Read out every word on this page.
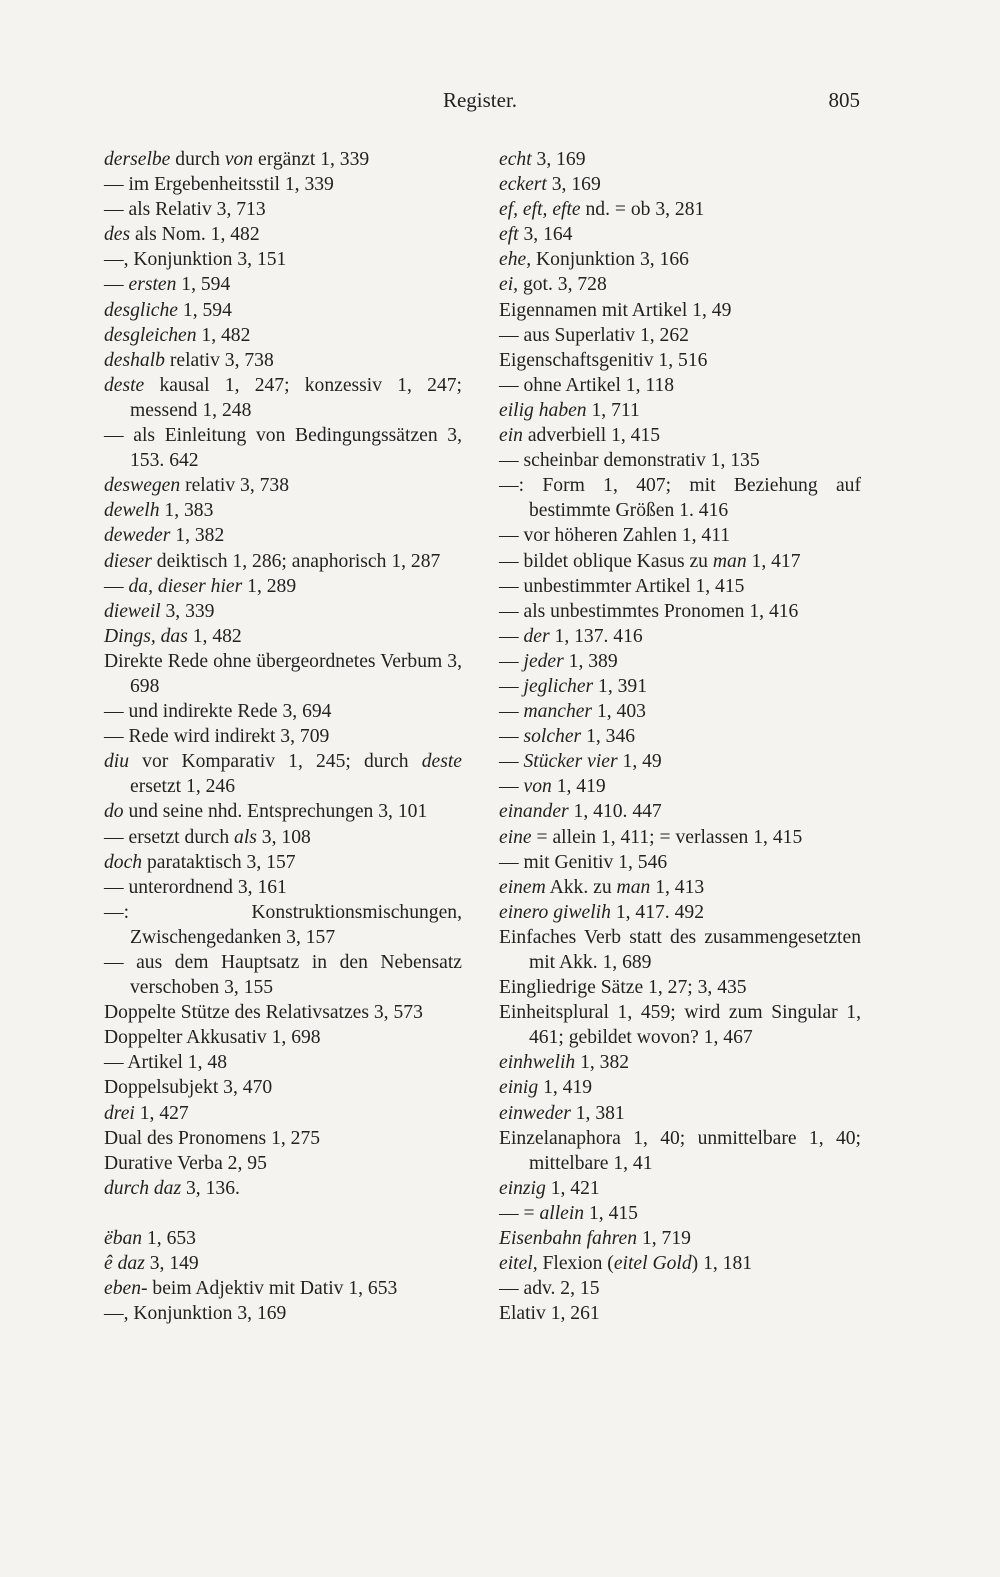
Register.	805

derselbe durch von ergänzt 1, 339

— im Ergebenheitsstil 1, 339

— als Relativ 3, 713

des als Nom. 1, 482

—, Konjunktion 3, 151

— ersten 1, 594

desgliche 1, 594

desgleichen 1, 482

deshalb relativ 3, 738

deste kausal 1, 247; konzessiv 1, 247; messend 1, 248

— als Einleitung von Bedingungssätzen 3, 153. 642

deswegen relativ 3, 738

dewelh 1, 383

deweder 1, 382

dieser deiktisch 1, 286; anaphorisch 1, 287

— da, dieser hier 1, 289

dieweil 3, 339

Dings, das 1, 482

Direkte Rede ohne übergeordnetes Verbum 3, 698

— und indirekte Rede 3, 694

— Rede wird indirekt 3, 709

diu vor Komparativ 1, 245; durch deste ersetzt 1, 246

do und seine nhd. Entsprechungen 3, 101

— ersetzt durch als 3, 108

doch parataktisch 3, 157

— unterordnend 3, 161

—: Konstruktionsmischungen, Zwischengedanken 3, 157

— aus dem Hauptsatz in den Nebensatz verschoben 3, 155

Doppelte Stütze des Relativsatzes 3, 573

Doppelter Akkusativ 1, 698

— Artikel 1, 48

Doppelsubjekt 3, 470

drei 1, 427

Dual des Pronomens 1, 275

Durative Verba 2, 95

durch daz 3, 136.

ëban 1, 653

ê daz 3, 149

eben- beim Adjektiv mit Dativ 1, 653

—, Konjunktion 3, 169

echt 3, 169

eckert 3, 169

ef, eft, efte nd. = ob 3, 281

eft 3, 164

ehe, Konjunktion 3, 166

ei, got. 3, 728

Eigennamen mit Artikel 1, 49

— aus Superlativ 1, 262

Eigenschaftsgenitiv 1, 516

— ohne Artikel 1, 118

eilig haben 1, 711

ein adverbiell 1, 415

— scheinbar demonstrativ 1, 135

—: Form 1, 407; mit Beziehung auf bestimmte Größen 1. 416

— vor höheren Zahlen 1, 411

— bildet oblique Kasus zu man 1, 417

— unbestimmter Artikel 1, 415

— als unbestimmtes Pronomen 1, 416

— der 1, 137. 416

— jeder 1, 389

— jeglicher 1, 391

— mancher 1, 403

— solcher 1, 346

— Stücker vier 1, 49

— von 1, 419

einander 1, 410. 447

eine = allein 1, 411; = verlassen 1, 415

— mit Genitiv 1, 546

einem Akk. zu man 1, 413

einero giwelih 1, 417. 492

Einfaches Verb statt des zusammengesetzten mit Akk. 1, 689

Eingliedrige Sätze 1, 27; 3, 435

Einheitsplural 1, 459; wird zum Singular 1, 461; gebildet wovon? 1, 467

einhwelih 1, 382

einig 1, 419

einweder 1, 381

Einzelanaphora 1, 40; unmittelbare 1, 40; mittelbare 1, 41

einzig 1, 421

— = allein 1, 415

Eisenbahn fahren 1, 719

eitel, Flexion (eitel Gold) 1, 181

— adv. 2, 15

Elativ 1, 261
